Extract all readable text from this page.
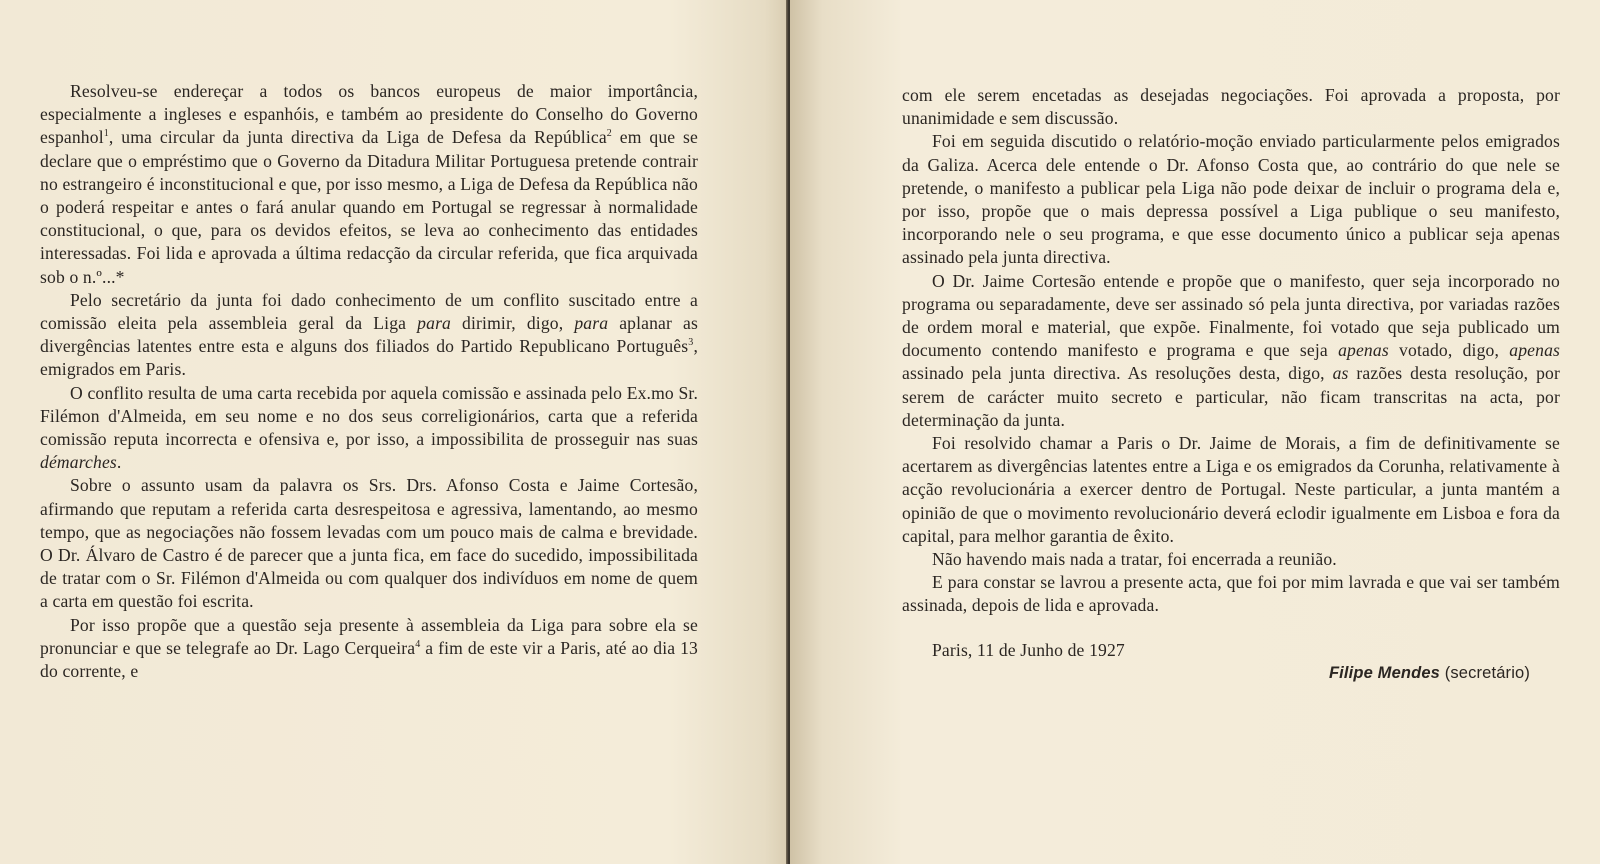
Resolveu-se endereçar a todos os bancos europeus de maior importância, especialmente a ingleses e espanhóis, e também ao presidente do Conselho do Governo espanhol$^1$, uma circular da junta directiva da Liga de Defesa da República$^2$ em que se declare que o empréstimo que o Governo da Ditadura Militar Portuguesa pretende contrair no estrangeiro é inconstitucional e que, por isso mesmo, a Liga de Defesa da República não o poderá respeitar e antes o fará anular quando em Portugal se regressar à normalidade constitucional, o que, para os devidos efeitos, se leva ao conhecimento das entidades interessadas. Foi lida e aprovada a última redacção da circular referida, que fica arquivada sob o n.º...*

Pelo secretário da junta foi dado conhecimento de um conflito suscitado entre a comissão eleita pela assembleia geral da Liga para dirimir, digo, para aplanar as divergências latentes entre esta e alguns dos filiados do Partido Republicano Português$^3$, emigrados em Paris.

O conflito resulta de uma carta recebida por aquela comissão e assinada pelo Ex.mo Sr. Filémon d'Almeida, em seu nome e no dos seus correligionários, carta que a referida comissão reputa incorrecta e ofensiva e, por isso, a impossibilita de prosseguir nas suas démarches.

Sobre o assunto usam da palavra os Srs. Drs. Afonso Costa e Jaime Cortesão, afirmando que reputam a referida carta desrespeitosa e agressiva, lamentando, ao mesmo tempo, que as negociações não fossem levadas com um pouco mais de calma e brevidade. O Dr. Álvaro de Castro é de parecer que a junta fica, em face do sucedido, impossibilitada de tratar com o Sr. Filémon d'Almeida ou com qualquer dos indivíduos em nome de quem a carta em questão foi escrita.

Por isso propõe que a questão seja presente à assembleia da Liga para sobre ela se pronunciar e que se telegrafe ao Dr. Lago Cerqueira$^4$ a fim de este vir a Paris, até ao dia 13 do corrente, e

com ele serem encetadas as desejadas negociações. Foi aprovada a proposta, por unanimidade e sem discussão.

Foi em seguida discutido o relatório-moção enviado particularmente pelos emigrados da Galiza. Acerca dele entende o Dr. Afonso Costa que, ao contrário do que nele se pretende, o manifesto a publicar pela Liga não pode deixar de incluir o programa dela e, por isso, propõe que o mais depressa possível a Liga publique o seu manifesto, incorporando nele o seu programa, e que esse documento único a publicar seja apenas assinado pela junta directiva.

O Dr. Jaime Cortesão entende e propõe que o manifesto, quer seja incorporado no programa ou separadamente, deve ser assinado só pela junta directiva, por variadas razões de ordem moral e material, que expõe. Finalmente, foi votado que seja publicado um documento contendo manifesto e programa e que seja apenas votado, digo, apenas assinado pela junta directiva. As resoluções desta, digo, as razões desta resolução, por serem de carácter muito secreto e particular, não ficam transcritas na acta, por determinação da junta.

Foi resolvido chamar a Paris o Dr. Jaime de Morais, a fim de definitivamente se acertarem as divergências latentes entre a Liga e os emigrados da Corunha, relativamente à acção revolucionária a exercer dentro de Portugal. Neste particular, a junta mantém a opinião de que o movimento revolucionário deverá eclodir igualmente em Lisboa e fora da capital, para melhor garantia de êxito.

Não havendo mais nada a tratar, foi encerrada a reunião.

E para constar se lavrou a presente acta, que foi por mim lavrada e que vai ser também assinada, depois de lida e aprovada.

Paris, 11 de Junho de 1927

Filipe Mendes (secretário)
